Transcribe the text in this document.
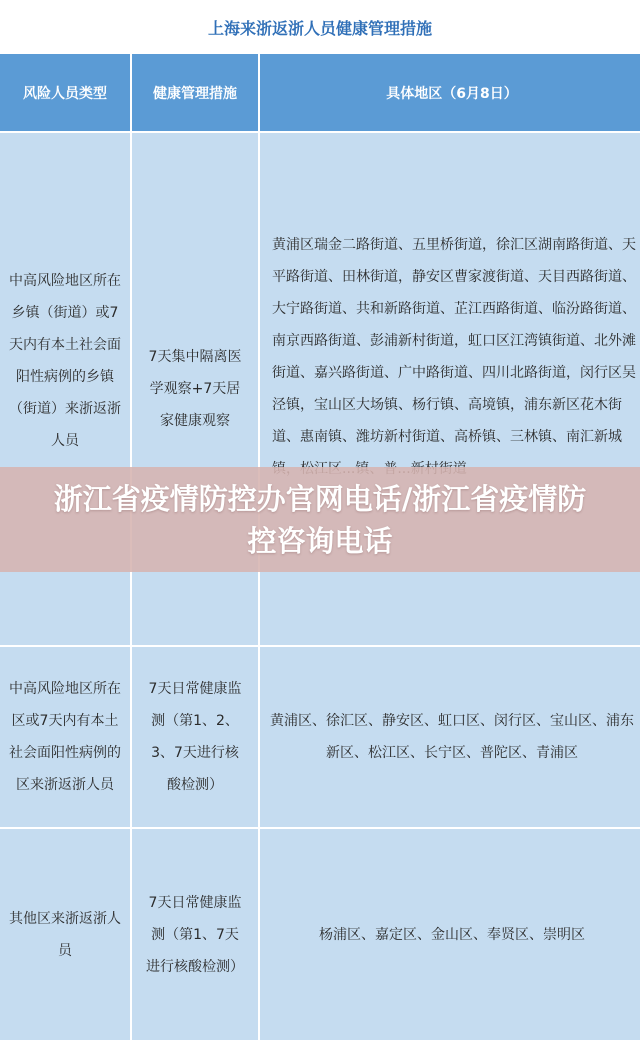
上海来浙返浙人员健康管理措施
风险人员类型	健康管理措施	具体地区（6月8日）
中高风险地区所在乡镇（街道）或7天内有本土社会面阳性病例的乡镇（街道）来浙返浙人员
7天集中隔离医学观察+7天居家健康观察
黄浦区瑞金二路街道、五里桥街道，徐汇区湖南路街道、天平路街道、田林街道，静安区曹家渡街道、天目西路街道、大宁路街道、共和新路街道、芷江西路街道、临汾路街道、南京西路街道、彭浦新村街道，虹口区江湾镇街道、北外滩街道、嘉兴路街道、广中路街道、四川北路街道，闵行区吴泾镇，宝山区大场镇、杨行镇、高境镇，浦东新区花木街道、惠南镇、潍坊新村街道、高桥镇、三林镇、南汇新城
中高风险地区所在区或7天内有本土社会面阳性病例的区来浙返浙人员
7天日常健康监测（第1、2、3、7天进行核酸检测）
黄浦区、徐汇区、静安区、虹口区、闵行区、宝山区、浦东新区、松江区、长宁区、普陀区、青浦区
其他区来浙返浙人员
7天日常健康监测（第1、7天进行核酸检测）
杨浦区、嘉定区、金山区、奉贤区、崇明区
浙江省疫情防控办官网电话/浙江省疫情防控咨询电话
